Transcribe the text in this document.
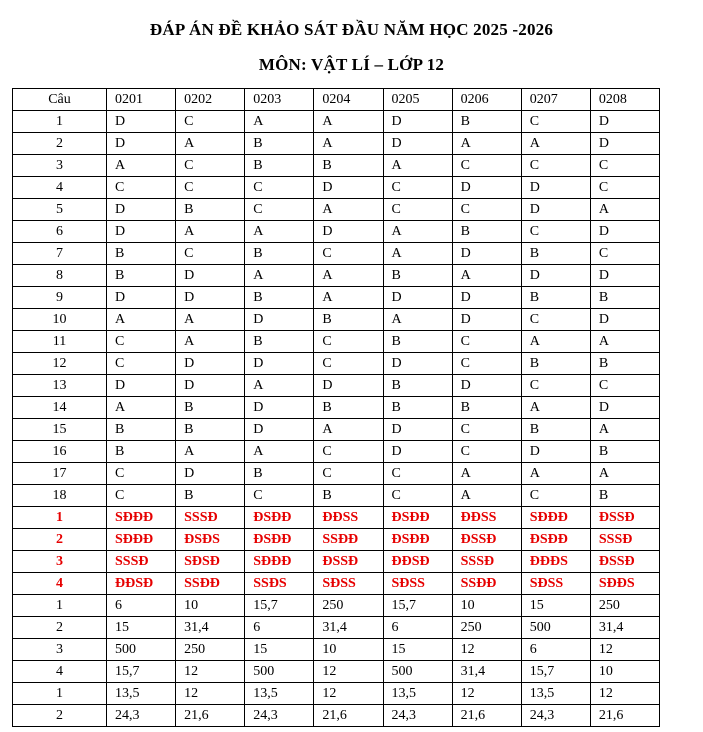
ĐÁP ÁN ĐỀ KHẢO SÁT ĐẦU NĂM HỌC 2025 -2026
MÔN: VẬT LÍ – LỚP 12
Câu	0201	0202	0203	0204	0205	0206	0207	0208
1	D	C	A	A	D	B	C	D
2	D	A	B	A	D	A	A	D
3	A	C	B	B	A	C	C	C
4	C	C	C	D	C	D	D	C
5	D	B	C	A	C	C	D	A
6	D	A	A	D	A	B	C	D
7	B	C	B	C	A	D	B	C
8	B	D	A	A	B	A	D	D
9	D	D	B	A	D	D	B	B
10	A	A	D	B	A	D	C	D
11	C	A	B	C	B	C	A	A
12	C	D	D	C	D	C	B	B
13	D	D	A	D	B	D	C	C
14	A	B	D	B	B	B	A	D
15	B	B	D	A	D	C	B	A
16	B	A	A	C	D	C	D	B
17	C	D	B	C	C	A	A	A
18	C	B	C	B	C	A	C	B
1	SĐĐĐ	SSSĐ	ĐSĐĐ	ĐĐSS	ĐSĐĐ	ĐĐSS	SĐĐĐ	ĐSSĐ
2	SĐĐĐ	ĐSĐS	ĐSĐĐ	SSĐĐ	ĐSĐĐ	ĐSSĐ	ĐSĐĐ	SSSĐ
3	SSSĐ	SĐSĐ	SĐĐĐ	ĐSSĐ	ĐĐSĐ	SSSĐ	ĐĐĐS	ĐSSĐ
4	ĐĐSĐ	SSĐĐ	SSĐS	SĐSS	SĐSS	SSĐĐ	SĐSS	SĐĐS
1	6	10	15,7	250	15,7	10	15	250
2	15	31,4	6	31,4	6	250	500	31,4
3	500	250	15	10	15	12	6	12
4	15,7	12	500	12	500	31,4	15,7	10
1	13,5	12	13,5	12	13,5	12	13,5	12
2	24,3	21,6	24,3	21,6	24,3	21,6	24,3	21,6
